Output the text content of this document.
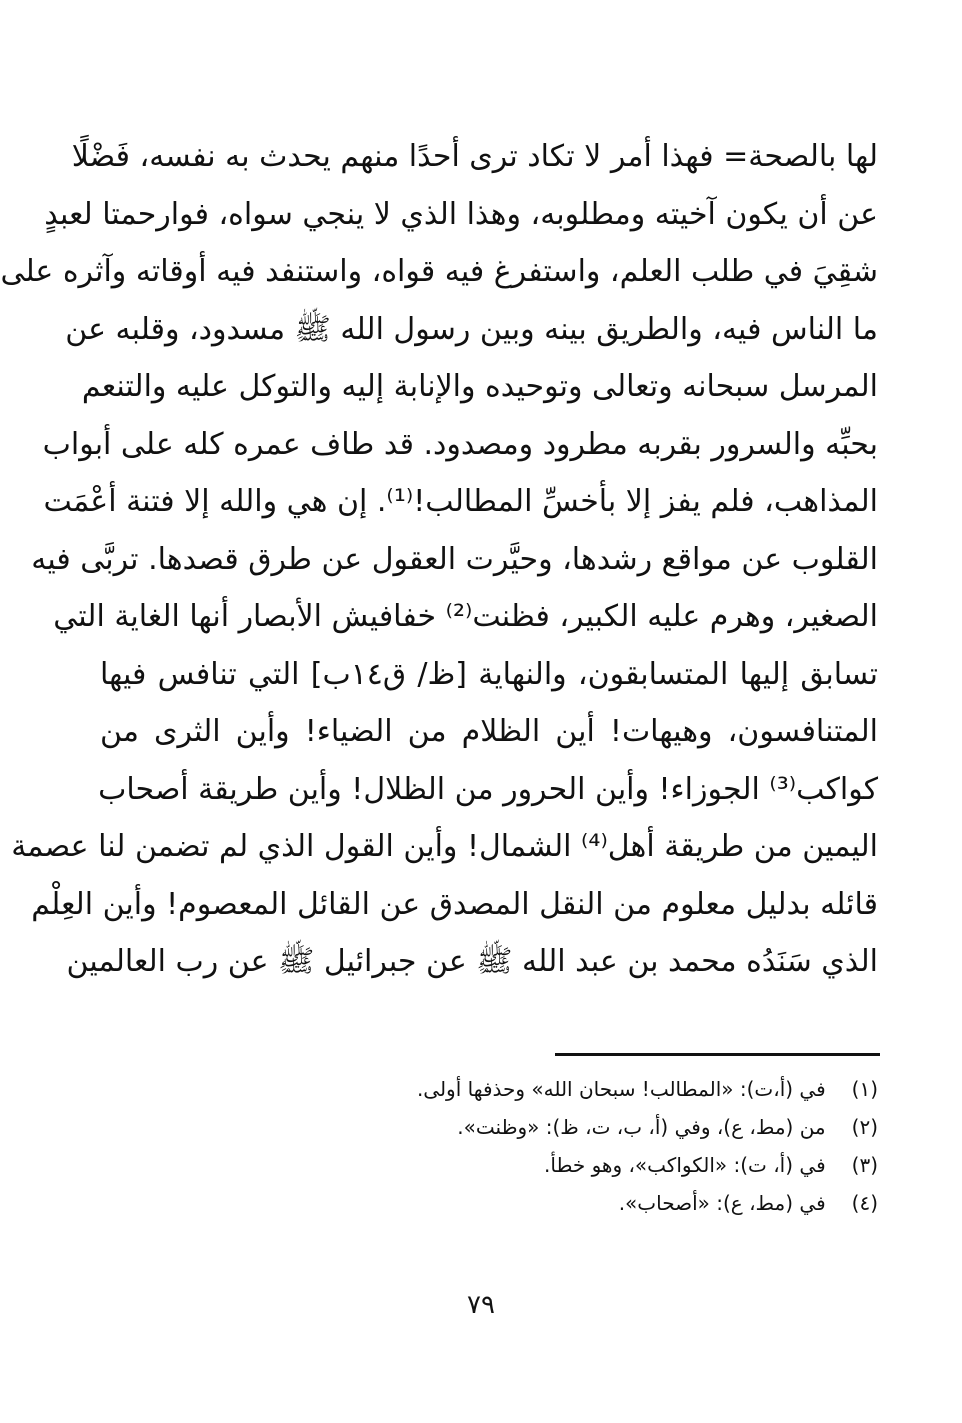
لها بالصحة= فهذا أمر لا تكاد ترى أحدًا منهم يحدث به نفسه، فَضْلًا
عن أن يكون آخيته ومطلوبه، وهذا الذي لا ينجي سواه، فوارحمتا لعبدٍ
شقِيَ في طلب العلم، واستفرغ فيه قواه، واستنفد فيه أوقاته وآثره على
ما الناس فيه، والطريق بينه وبين رسول الله ﷺ مسدود، وقلبه عن
المرسل سبحانه وتعالى وتوحيده والإنابة إليه والتوكل عليه والتنعم
بحبِّه والسرور بقربه مطرود ومصدود. قد طاف عمره كله على أبواب
المذاهب، فلم يفز إلا بأخسِّ المطالب!⁽¹⁾. إن هي والله إلا فتنة أعْمَت
القلوب عن مواقع رشدها، وحيَّرت العقول عن طرق قصدها. تربَّى فيه
الصغير، وهرم عليه الكبير، فظنت⁽²⁾ خفافيش الأبصار أنها الغاية التي
تسابق إليها المتسابقون، والنهاية [ظ/ ق١٤ب] التي تنافس فيها
المتنافسون، وهيهات! أين الظلام من الضياء! وأين الثرى من
كواكب⁽³⁾ الجوزاء! وأين الحرور من الظلال! وأين طريقة أصحاب
اليمين من طريقة أهل⁽⁴⁾ الشمال! وأين القول الذي لم تضمن لنا عصمة
قائله بدليل معلوم من النقل المصدق عن القائل المعصوم! وأين العِلْم
الذي سَنَدُه محمد بن عبد الله ﷺ عن جبرائيل ﷺ عن رب العالمين
(١) في (أ،ت): «المطالب! سبحان الله» وحذفها أولى.
(٢) من (مط، ع)، وفي (أ، ب، ت، ظ): «وظنت».
(٣) في (أ، ت): «الكواكب»، وهو خطأ.
(٤) في (مط، ع): «أصحاب».
٧٩
